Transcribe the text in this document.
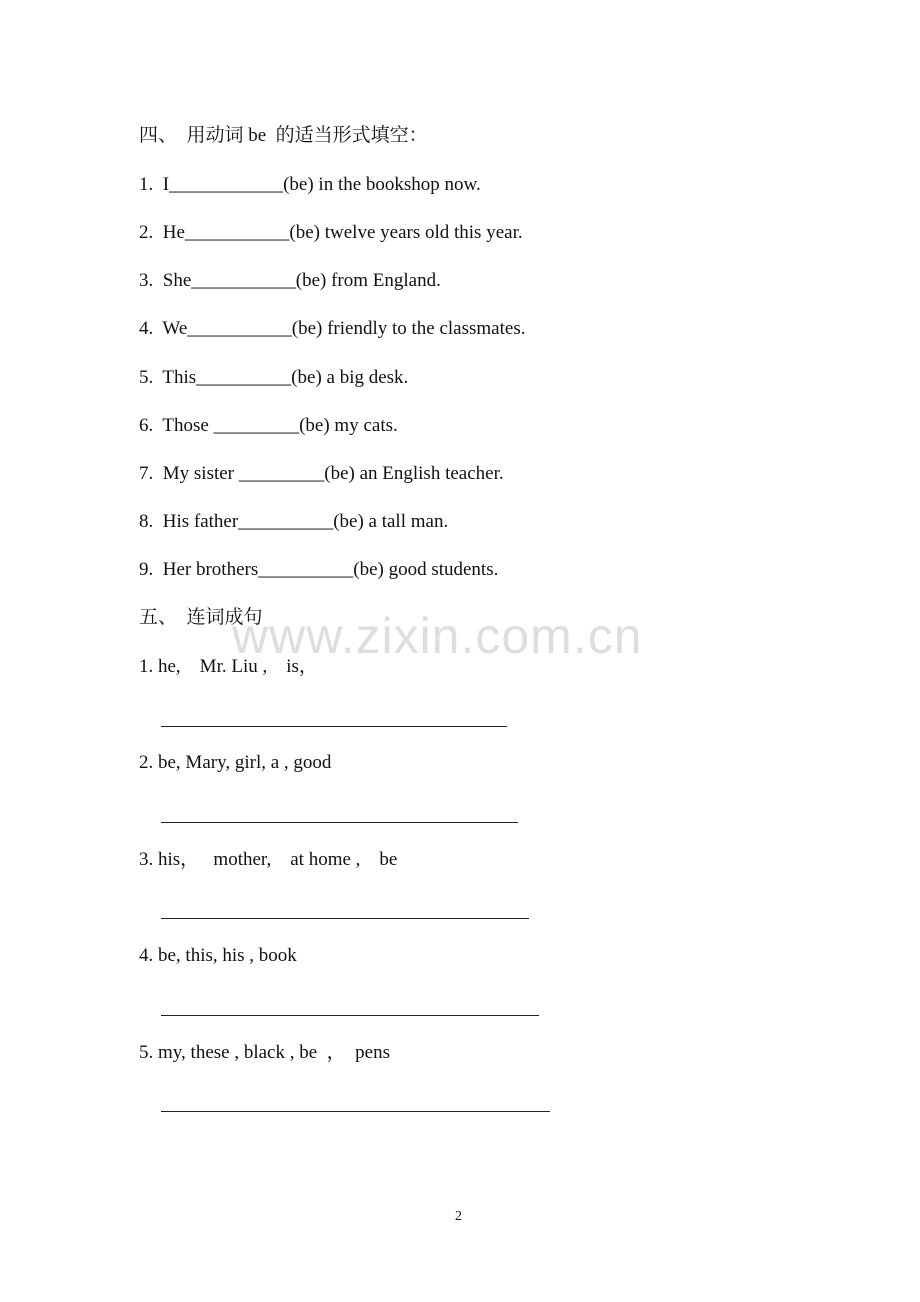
四、  用动词 be  的适当形式填空：
1.  I____________(be) in the bookshop now.
2.  He___________(be) twelve years old this year.
3.  She___________(be) from England.
4.  We___________(be) friendly to the classmates.
5.  This__________(be) a big desk.
6.  Those _________(be) my cats.
7.  My sister _________(be) an English teacher.
8.  His father__________(be) a tall man.
9.  Her brothers__________(be) good students.
五、  连词成句
1. he,    Mr. Liu ,    is，
2. be, Mary, girl, a , good
3. his，   mother,    at home ,    be
4. be, this, his , book
5. my, these , black , be  ，  pens
www.zixin.com.cn
2
